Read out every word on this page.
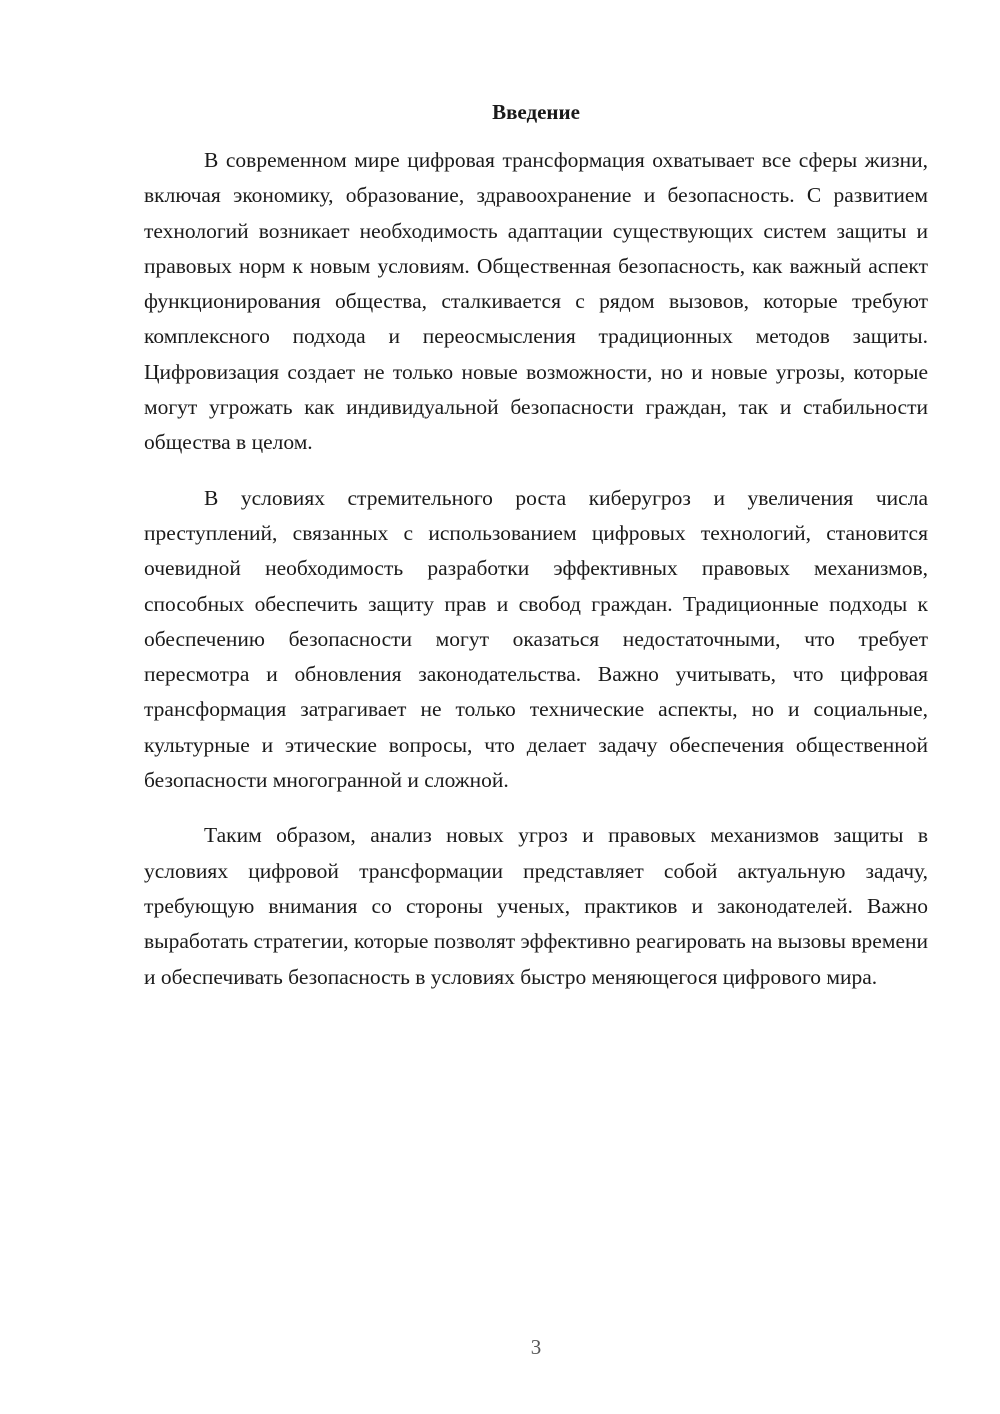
Введение

В современном мире цифровая трансформация охватывает все сферы жизни, включая экономику, образование, здравоохранение и безопасность. С развитием технологий возникает необходимость адаптации существующих систем защиты и правовых норм к новым условиям. Общественная безопасность, как важный аспект функционирования общества, сталкивается с рядом вызовов, которые требуют комплексного подхода и переосмысления традиционных методов защиты. Цифровизация создает не только новые возможности, но и новые угрозы, которые могут угрожать как индивидуальной безопасности граждан, так и стабильности общества в целом.

В условиях стремительного роста киберугроз и увеличения числа преступлений, связанных с использованием цифровых технологий, становится очевидной необходимость разработки эффективных правовых механизмов, способных обеспечить защиту прав и свобод граждан. Традиционные подходы к обеспечению безопасности могут оказаться недостаточными, что требует пересмотра и обновления законодательства. Важно учитывать, что цифровая трансформация затрагивает не только технические аспекты, но и социальные, культурные и этические вопросы, что делает задачу обеспечения общественной безопасности многогранной и сложной.

Таким образом, анализ новых угроз и правовых механизмов защиты в условиях цифровой трансформации представляет собой актуальную задачу, требующую внимания со стороны ученых, практиков и законодателей. Важно выработать стратегии, которые позволят эффективно реагировать на вызовы времени и обеспечивать безопасность в условиях быстро меняющегося цифрового мира.

3
